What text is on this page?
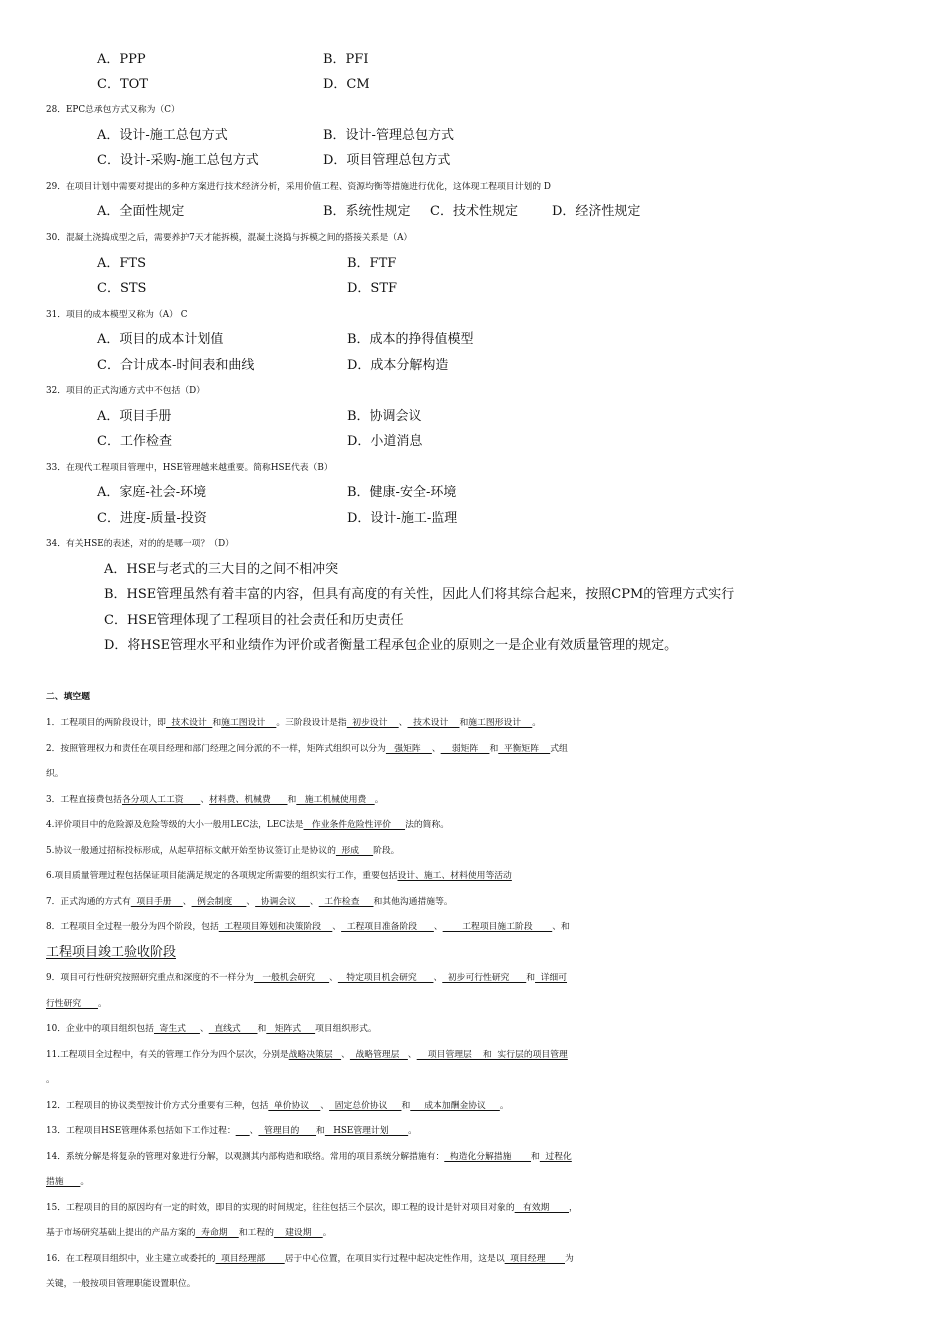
A．PPP	B．PFI
C．TOT	D．CM
28．EPC总承包方式又称为（C）
A．设计-施工总包方式	B．设计-管理总包方式
C．设计-采购-施工总包方式	D．项目管理总包方式
29．在项目计划中需要对提出的多种方案进行技术经济分析，采用价值工程、资源均衡等措施进行优化，这体现工程项目计划的 D
A．全面性规定	B．系统性规定 C．技术性规定	D．经济性规定
30．混凝土浇捣成型之后，需要养护7天才能拆模，混凝土浇捣与拆模之间的搭接关系是（A）
A．FTS	B．FTF
C．STS	D．STF
31．项目的成本模型又称为（A） C
A．项目的成本计划值	B．成本的挣得值模型
C．合计成本-时间表和曲线	D．成本分解构造
32．项目的正式沟通方式中不包括（D）
A．项目手册	B．协调会议
C．工作检查	D．小道消息
33．在现代工程项目管理中，HSE管理越来越重要。简称HSE代表（B）
A．家庭-社会-环境	B．健康-安全-环境
C．进度-质量-投资	D．设计-施工-监理
34．有关HSE的表述，对的的是哪一项？（D）
A．HSE与老式的三大目的之间不相冲突
B．HSE管理虽然有着丰富的内容，但具有高度的有关性，因此人们将其综合起来，按照CPM的管理方式实行
C．HSE管理体现了工程项目的社会责任和历史责任
D．将HSE管理水平和业绩作为评价或者衡量工程承包企业的原则之一是企业有效质量管理的规定。
二、填空题
1．工程项目的两阶段设计，即  技术设计  和施工图设计    。三阶段设计是指  初步设计    、  技术设计    和施工图形设计    。
2．按照管理权力和责任在项目经理和部门经理之间分派的不一样，矩阵式组织可以分为   强矩阵    、    弱矩阵    和  平衡矩阵    式组
织。
3．工程直接费包括各分项人工工资      、材料费、机械费      和   施工机械使用费   。
4.评价项目中的危险源及危险等级的大小一般用LEC法，LEC法是   作业条件危险性评价     法的简称。
5.协议一般通过招标投标形成，从起草招标文献开始至协议签订止是协议的  形成     阶段。
6.项目质量管理过程包括保证项目能满足规定的各项规定所需要的组织实行工作，重要包括设计、施工、材料使用等活动
7．正式沟通的方式有  项目手册    、  例会制度     、  协调会议     、  工作检查     和其他沟通措施等。
8．工程项目全过程一般分为四个阶段，包括  工程项目筹划和决策阶段    、  工程项目准备阶段      、       工程项目施工阶段       、和
工程项目竣工验收阶段
9．项目可行性研究按照研究重点和深度的不一样分为   一般机会研究     、   特定项目机会研究      、  初步可行性研究      和  详细可
行性研究      。
10．企业中的项目组织包括  寄生式     、  直线式      和   矩阵式     项目组织形式。
11.工程项目全过程中，有关的管理工作分为四个层次，分别是战略决策层   、  战略管理层   、    项目管理层    和  实行层的项目管理
。
12．工程项目的协议类型按计价方式分重要有三种，包括  单价协议    、  固定总价协议     和     成本加酬金协议     。
13．工程项目HSE管理体系包括如下工作过程： 、  管理目的      和   HSE管理计划       。
14．系统分解是将复杂的管理对象进行分解，以观测其内部构造和联络。常用的项目系统分解措施有：  构造化分解措施       和  过程化
措施      。
15．工程项目的目的原因均有一定的时效，即目的实现的时间规定，往往包括三个层次，即工程的设计是针对项目对象的   有效期       ，
基于市场研究基础上提出的产品方案的  寿命期    和工程的    建设期    。
16．在工程项目组织中，业主建立或委托的  项目经理部       居于中心位置，在项目实行过程中起决定性作用，这是以  项目经理       为
关键，一般按项目管理职能设置职位。
